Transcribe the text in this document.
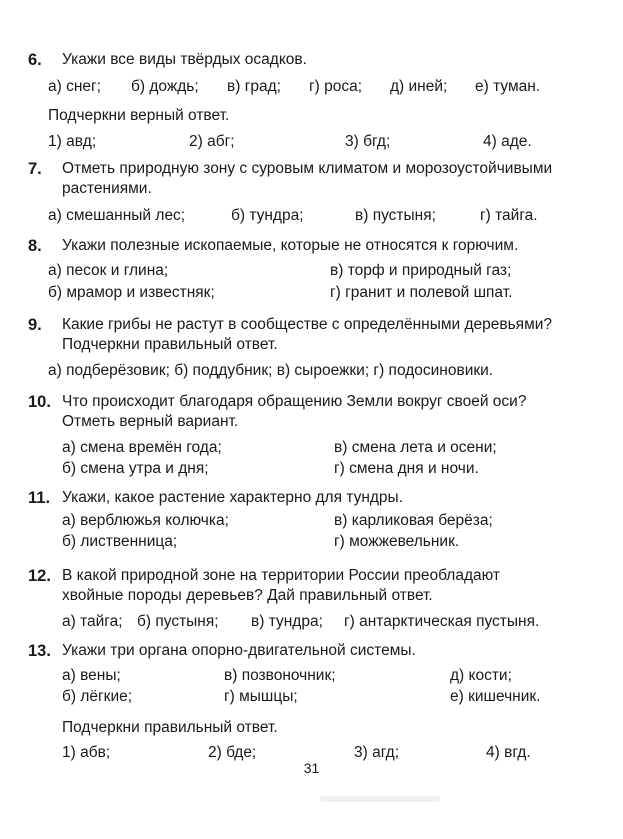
6. Укажи все виды твёрдых осадков.
а) снег; б) дождь; в) град; г) роса; д) иней; е) туман.
Подчеркни верный ответ.
1) авд;	2) абг;	3) бгд;	4) аде.
7. Отметь природную зону с суровым климатом и морозоустойчивыми растениями.
а) смешанный лес;	б) тундра;	в) пустыня;	г) тайга.
8. Укажи полезные ископаемые, которые не относятся к горючим.
а) песок и глина;	в) торф и природный газ;
б) мрамор и известняк;	г) гранит и полевой шпат.
9. Какие грибы не растут в сообществе с определёнными деревьями? Подчеркни правильный ответ.
а) подберёзовик; б) поддубник; в) сыроежки; г) подосиновики.
10. Что происходит благодаря обращению Земли вокруг своей оси? Отметь верный вариант.
а) смена времён года;	в) смена лета и осени;
б) смена утра и дня;	г) смена дня и ночи.
11. Укажи, какое растение характерно для тундры.
а) верблюжья колючка;	в) карликовая берёза;
б) лиственница;	г) можжевельник.
12. В какой природной зоне на территории России преобладают хвойные породы деревьев? Дай правильный ответ.
а) тайга; б) пустыня; в) тундра; г) антарктическая пустыня.
13. Укажи три органа опорно-двигательной системы.
а) вены;	в) позвоночник;	д) кости;
б) лёгкие;	г) мышцы;	е) кишечник.
Подчеркни правильный ответ.
1) абв;	2) бде;	3) агд;	4) вгд.
31
